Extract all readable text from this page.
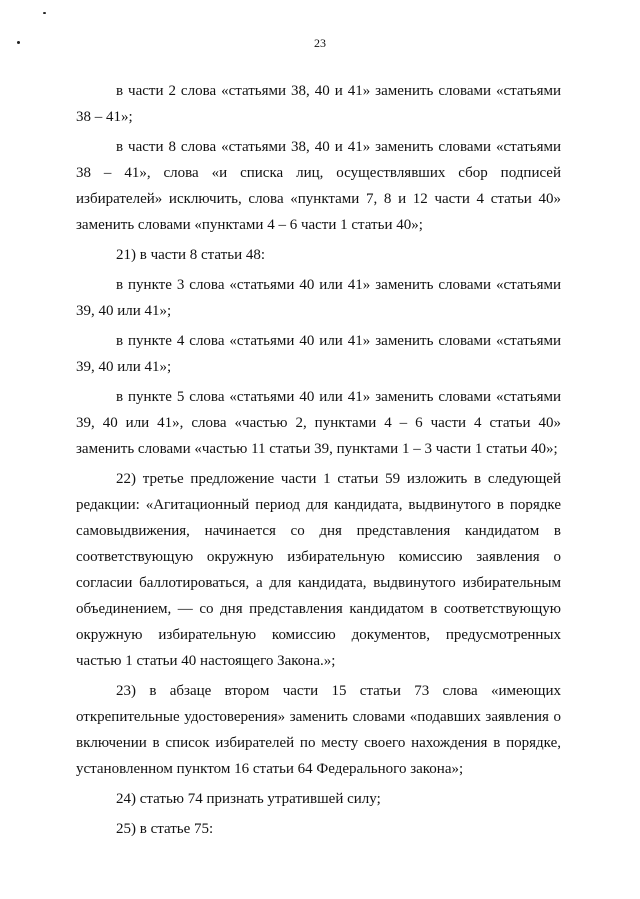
23

в части 2 слова «статьями 38, 40 и 41» заменить словами «статьями 38 – 41»;

в части 8 слова «статьями 38, 40 и 41» заменить словами «статьями 38 – 41», слова «и списка лиц, осуществлявших сбор подписей избирателей» исключить, слова «пунктами 7, 8 и 12 части 4 статьи 40» заменить словами «пунктами 4 – 6 части 1 статьи 40»;

21) в части 8 статьи 48:

в пункте 3 слова «статьями 40 или 41» заменить словами «статьями 39, 40 или 41»;

в пункте 4 слова «статьями 40 или 41» заменить словами «статьями 39, 40 или 41»;

в пункте 5 слова «статьями 40 или 41» заменить словами «статьями 39, 40 или 41», слова «частью 2, пунктами 4 – 6 части 4 статьи 40» заменить словами «частью 11 статьи 39, пунктами 1 – 3 части 1 статьи 40»;

22) третье предложение части 1 статьи 59 изложить в следующей редакции: «Агитационный период для кандидата, выдвинутого в порядке самовыдвижения, начинается со дня представления кандидатом в соответствующую окружную избирательную комиссию заявления о согласии баллотироваться, а для кандидата, выдвинутого избирательным объединением, — со дня представления кандидатом в соответствующую окружную избирательную комиссию документов, предусмотренных частью 1 статьи 40 настоящего Закона.»;

23) в абзаце втором части 15 статьи 73 слова «имеющих открепительные удостоверения» заменить словами «подавших заявления о включении в список избирателей по месту своего нахождения в порядке, установленном пунктом 16 статьи 64 Федерального закона»;

24) статью 74 признать утратившей силу;

25) в статье 75:
